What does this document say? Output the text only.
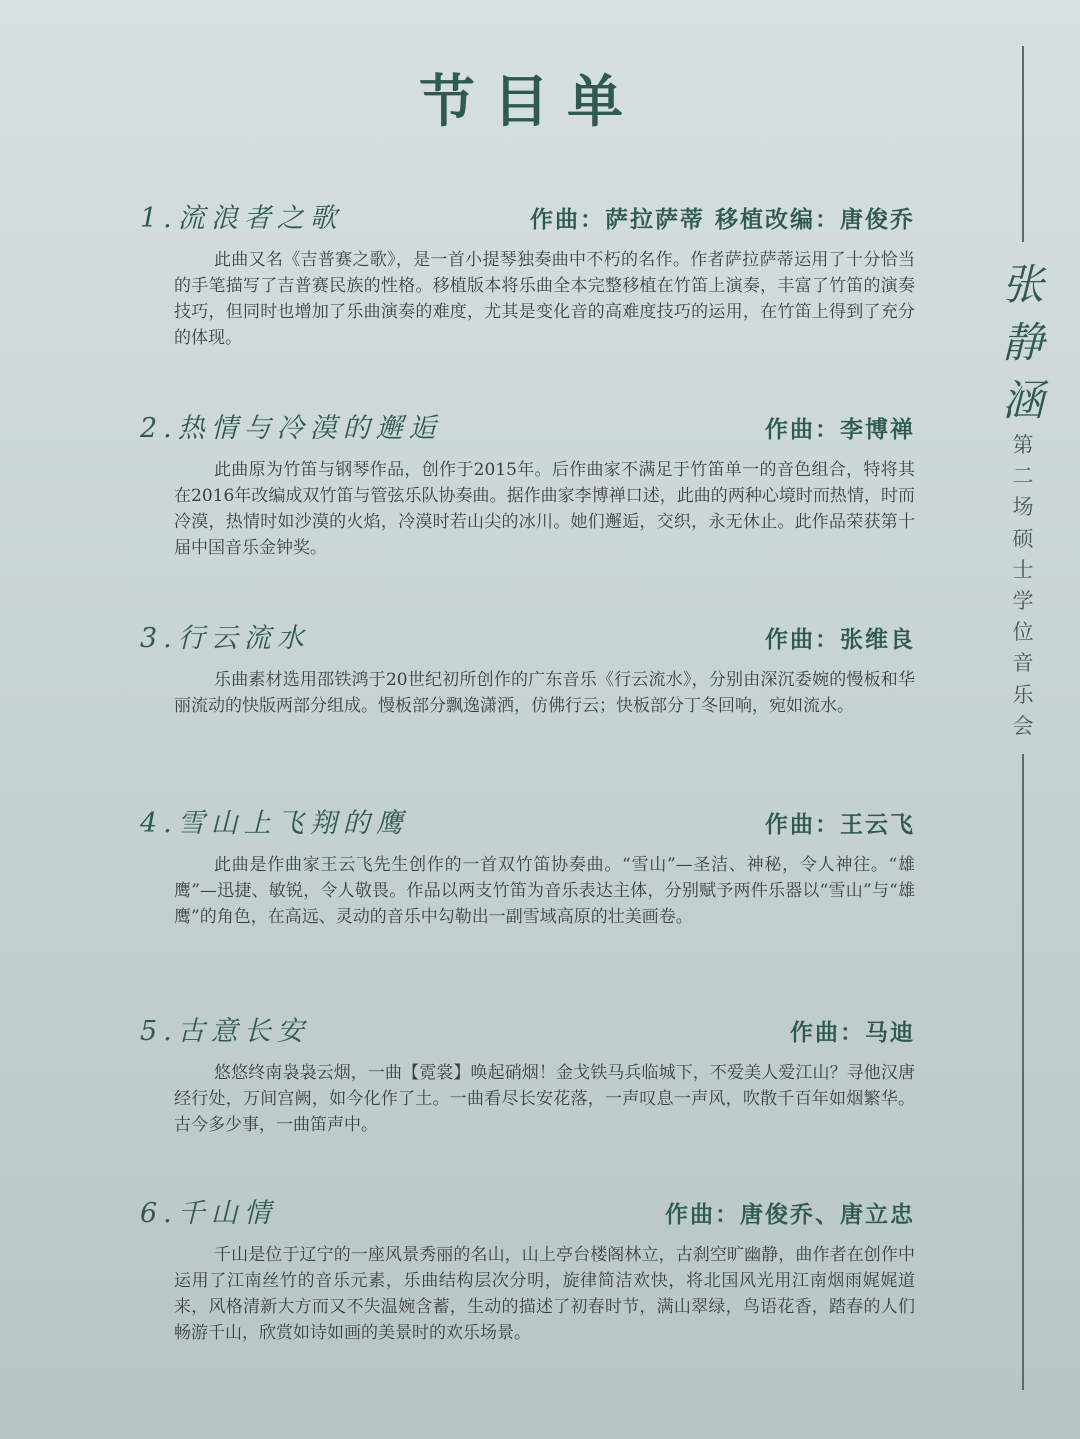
节目单
1.流浪者之歌	作曲：萨拉萨蒂 移植改编：唐俊乔
此曲又名《吉普赛之歌》，是一首小提琴独奏曲中不朽的名作。作者萨拉萨蒂运用了十分恰当的手笔描写了吉普赛民族的性格。移植版本将乐曲全本完整移植在竹笛上演奏，丰富了竹笛的演奏技巧，但同时也增加了乐曲演奏的难度，尤其是变化音的高难度技巧的运用，在竹笛上得到了充分的体现。
2.热情与冷漠的邂逅	作曲：李博禅
此曲原为竹笛与钢琴作品，创作于2015年。后作曲家不满足于竹笛单一的音色组合，特将其在2016年改编成双竹笛与管弦乐队协奏曲。据作曲家李博禅口述，此曲的两种心境时而热情，时而冷漠，热情时如沙漠的火焰，冷漠时若山尖的冰川。她们邂逅，交织，永无休止。此作品荣获第十届中国音乐金钟奖。
3.行云流水	作曲：张维良
乐曲素材选用邵铁鸿于20世纪初所创作的广东音乐《行云流水》，分别由深沉委婉的慢板和华丽流动的快版两部分组成。慢板部分飘逸潇洒，仿佛行云；快板部分丁冬回响，宛如流水。
4.雪山上飞翔的鹰	作曲：王云飞
此曲是作曲家王云飞先生创作的一首双竹笛协奏曲。“雪山”—圣洁、神秘，令人神往。“雄鹰”—迅捷、敏锐，令人敬畏。作品以两支竹笛为音乐表达主体，分别赋予两件乐器以“雪山”与“雄鹰”的角色，在高远、灵动的音乐中勾勒出一副雪域高原的壮美画卷。
5.古意长安	作曲：马迪
悠悠终南袅袅云烟，一曲【霓裳】唤起硝烟！金戈铁马兵临城下，不爱美人爱江山？寻他汉唐经行处，万间宫阙，如今化作了土。一曲看尽长安花落，一声叹息一声风，吹散千百年如烟繁华。古今多少事，一曲笛声中。
6.千山情	作曲：唐俊乔、唐立忠
千山是位于辽宁的一座风景秀丽的名山，山上亭台楼阁林立，古刹空旷幽静，曲作者在创作中运用了江南丝竹的音乐元素，乐曲结构层次分明，旋律简洁欢快，将北国风光用江南烟雨娓娓道来，风格清新大方而又不失温婉含蓄，生动的描述了初春时节，满山翠绿，鸟语花香，踏春的人们畅游千山，欣赏如诗如画的美景时的欢乐场景。
张
静
涵
第
二
场
硕
士
学
位
音
乐
会
